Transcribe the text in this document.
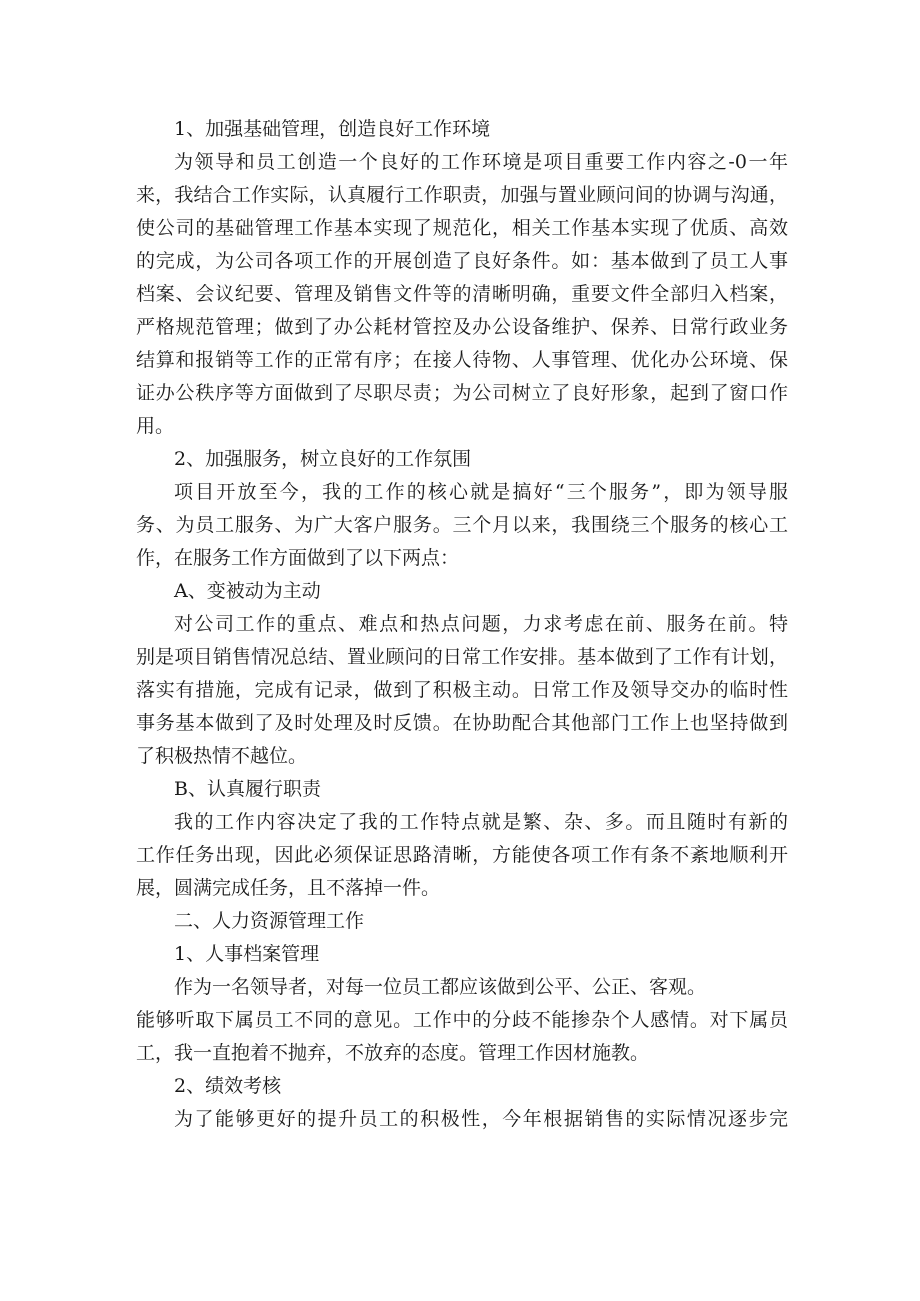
1、加强基础管理，创造良好工作环境
为领导和员工创造一个良好的工作环境是项目重要工作内容之-0一年
来，我结合工作实际，认真履行工作职责，加强与置业顾问间的协调与沟通，
使公司的基础管理工作基本实现了规范化，相关工作基本实现了优质、高效
的完成，为公司各项工作的开展创造了良好条件。如：基本做到了员工人事
档案、会议纪要、管理及销售文件等的清晰明确，重要文件全部归入档案，
严格规范管理；做到了办公耗材管控及办公设备维护、保养、日常行政业务
结算和报销等工作的正常有序；在接人待物、人事管理、优化办公环境、保
证办公秩序等方面做到了尽职尽责；为公司树立了良好形象，起到了窗口作
用。
2、加强服务，树立良好的工作氛围
项目开放至今，我的工作的核心就是搞好“三个服务”，即为领导服
务、为员工服务、为广大客户服务。三个月以来，我围绕三个服务的核心工
作，在服务工作方面做到了以下两点：
A、变被动为主动
对公司工作的重点、难点和热点问题，力求考虑在前、服务在前。特
别是项目销售情况总结、置业顾问的日常工作安排。基本做到了工作有计划，
落实有措施，完成有记录，做到了积极主动。日常工作及领导交办的临时性
事务基本做到了及时处理及时反馈。在协助配合其他部门工作上也坚持做到
了积极热情不越位。
B、认真履行职责
我的工作内容决定了我的工作特点就是繁、杂、多。而且随时有新的
工作任务出现，因此必须保证思路清晰，方能使各项工作有条不紊地顺利开
展，圆满完成任务，且不落掉一件。
二、人力资源管理工作
1、人事档案管理
作为一名领导者，对每一位员工都应该做到公平、公正、客观。
能够听取下属员工不同的意见。工作中的分歧不能掺杂个人感情。对下属员
工，我一直抱着不抛弃，不放弃的态度。管理工作因材施教。
2、绩效考核
为了能够更好的提升员工的积极性，今年根据销售的实际情况逐步完
